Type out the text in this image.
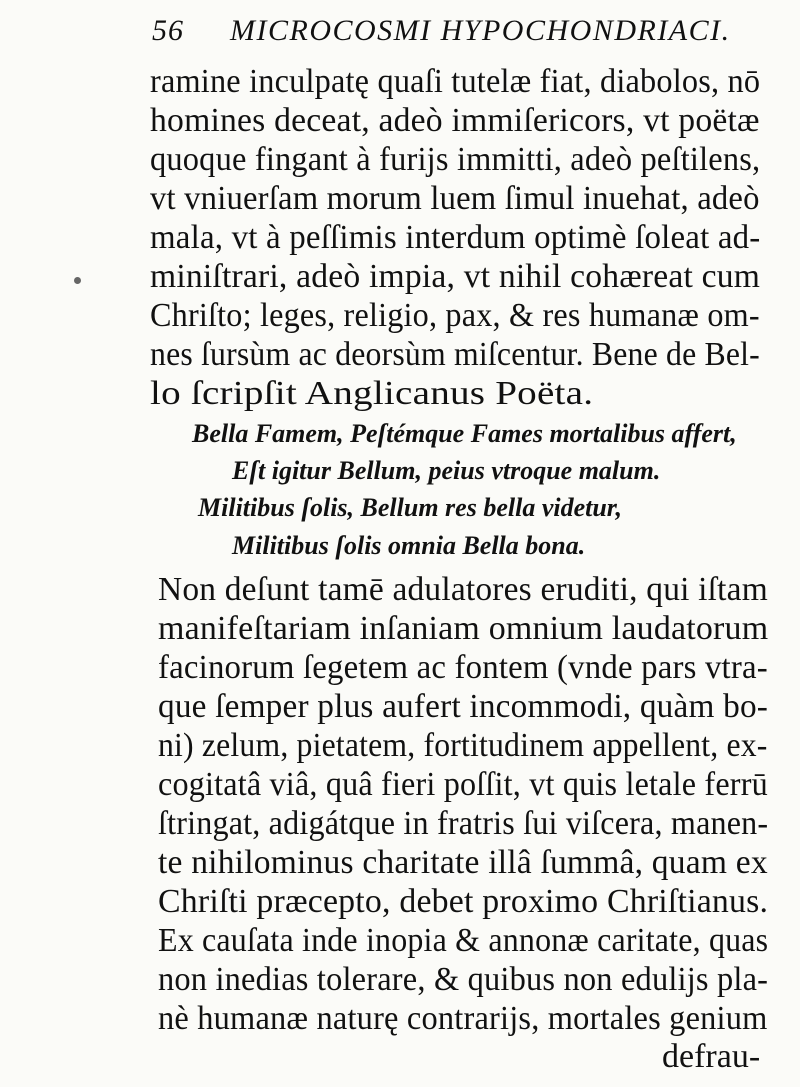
56 MICROCOSMI HYPOCHONDRIACI.
ramine inculpatę quaſi tutelæ fiat, diabolos, nō
homines deceat, adeò immiſericors, vt poëtæ
quoque fingant à furijs immitti, adeò peſtilens,
vt vniuerſam morum luem ſimul inuehat, adeò
mala, vt à peſſimis interdum optimè ſoleat ad-
miniſtrari, adeò impia, vt nihil cohæreat cum
Chriſto; leges, religio, pax, & res humanæ om-
nes ſursùm ac deorsùm miſcentur. Bene de Bel-
lo ſcripſit Anglicanus Poëta.
Bella Famem, Peſtémque Fames mortalibus affert,
Eſt igitur Bellum, peius vtroque malum.
Militibus ſolis, Bellum res bella videtur,
Militibus ſolis omnia Bella bona.
Non deſunt tamē adulatores eruditi, qui iſtam
manifeſtariam inſaniam omnium laudatorum
facinorum ſegetem ac fontem (vnde pars vtra-
que ſemper plus aufert incommodi, quàm bo-
ni) zelum, pietatem, fortitudinem appellent, ex-
cogitatâ viâ, quâ fieri poſſit, vt quis letale ferrū
ſtringat, adigátque in fratris ſui viſcera, manen-
te nihilominus charitate illâ ſummâ, quam ex
Chriſti præcepto, debet proximo Chriſtianus.
Ex cauſata inde inopia & annonæ caritate, quas
non inedias tolerare, & quibus non edulijs pla-
nè humanæ naturę contrarijs, mortales genium
defrau-
